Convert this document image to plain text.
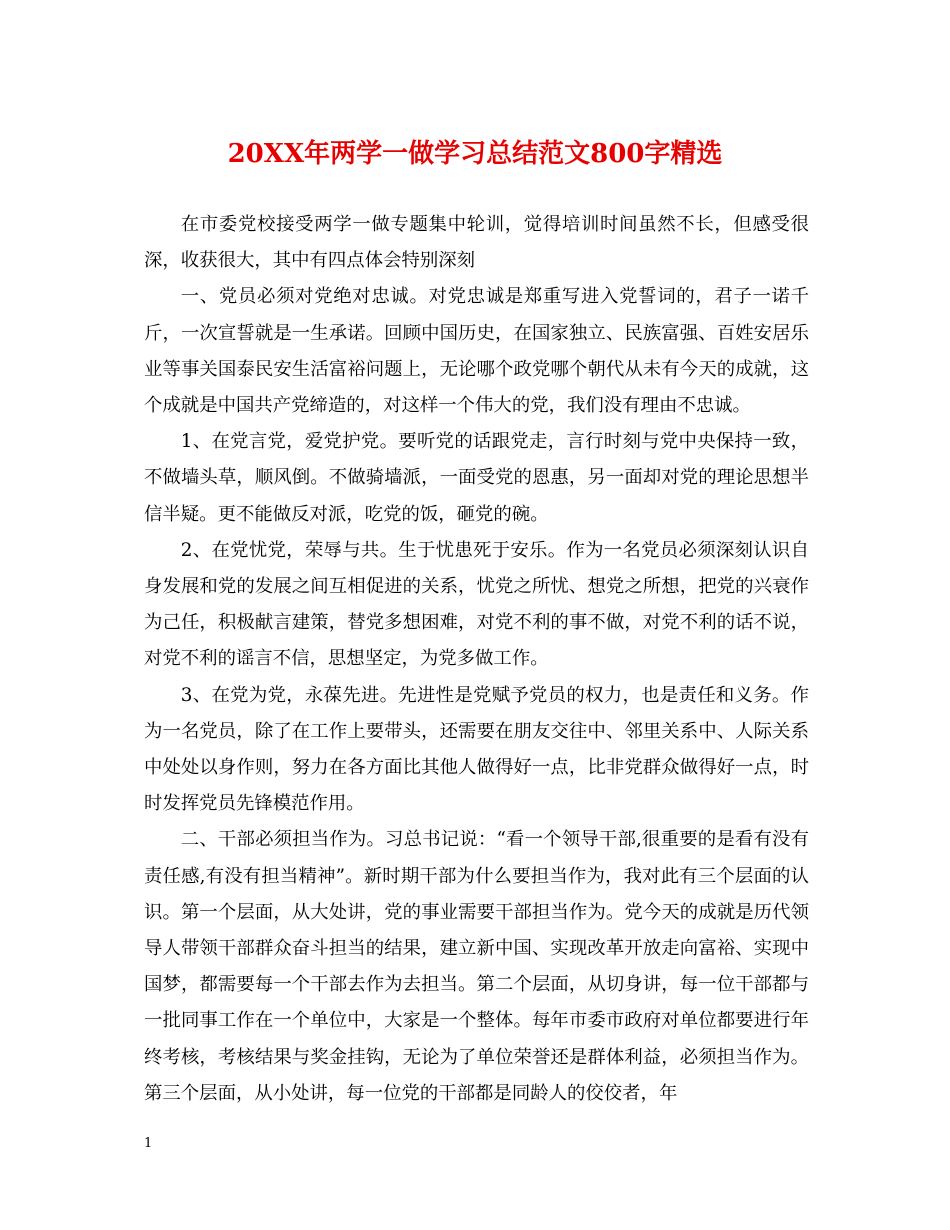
20XX年两学一做学习总结范文800字精选

在市委党校接受两学一做专题集中轮训，觉得培训时间虽然不长，但感受很深，收获很大，其中有四点体会特别深刻

一、党员必须对党绝对忠诚。对党忠诚是郑重写进入党誓词的，君子一诺千斤，一次宣誓就是一生承诺。回顾中国历史，在国家独立、民族富强、百姓安居乐业等事关国泰民安生活富裕问题上，无论哪个政党哪个朝代从未有今天的成就，这个成就是中国共产党缔造的，对这样一个伟大的党，我们没有理由不忠诚。

1、在党言党，爱党护党。要听党的话跟党走，言行时刻与党中央保持一致，不做墙头草，顺风倒。不做骑墙派，一面受党的恩惠，另一面却对党的理论思想半信半疑。更不能做反对派，吃党的饭，砸党的碗。

2、在党忧党，荣辱与共。生于忧患死于安乐。作为一名党员必须深刻认识自身发展和党的发展之间互相促进的关系，忧党之所忧、想党之所想，把党的兴衰作为己任，积极献言建策，替党多想困难，对党不利的事不做，对党不利的话不说，对党不利的谣言不信，思想坚定，为党多做工作。

3、在党为党，永葆先进。先进性是党赋予党员的权力，也是责任和义务。作为一名党员，除了在工作上要带头，还需要在朋友交往中、邻里关系中、人际关系中处处以身作则，努力在各方面比其他人做得好一点，比非党群众做得好一点，时时发挥党员先锋模范作用。

二、干部必须担当作为。习总书记说：“看一个领导干部,很重要的是看有没有责任感,有没有担当精神”。新时期干部为什么要担当作为，我对此有三个层面的认识。第一个层面，从大处讲，党的事业需要干部担当作为。党今天的成就是历代领导人带领干部群众奋斗担当的结果，建立新中国、实现改革开放走向富裕、实现中国梦，都需要每一个干部去作为去担当。第二个层面，从切身讲，每一位干部都与一批同事工作在一个单位中，大家是一个整体。每年市委市政府对单位都要进行年终考核，考核结果与奖金挂钩，无论为了单位荣誉还是群体利益，必须担当作为。第三个层面，从小处讲，每一位党的干部都是同龄人的佼佼者，年

1
